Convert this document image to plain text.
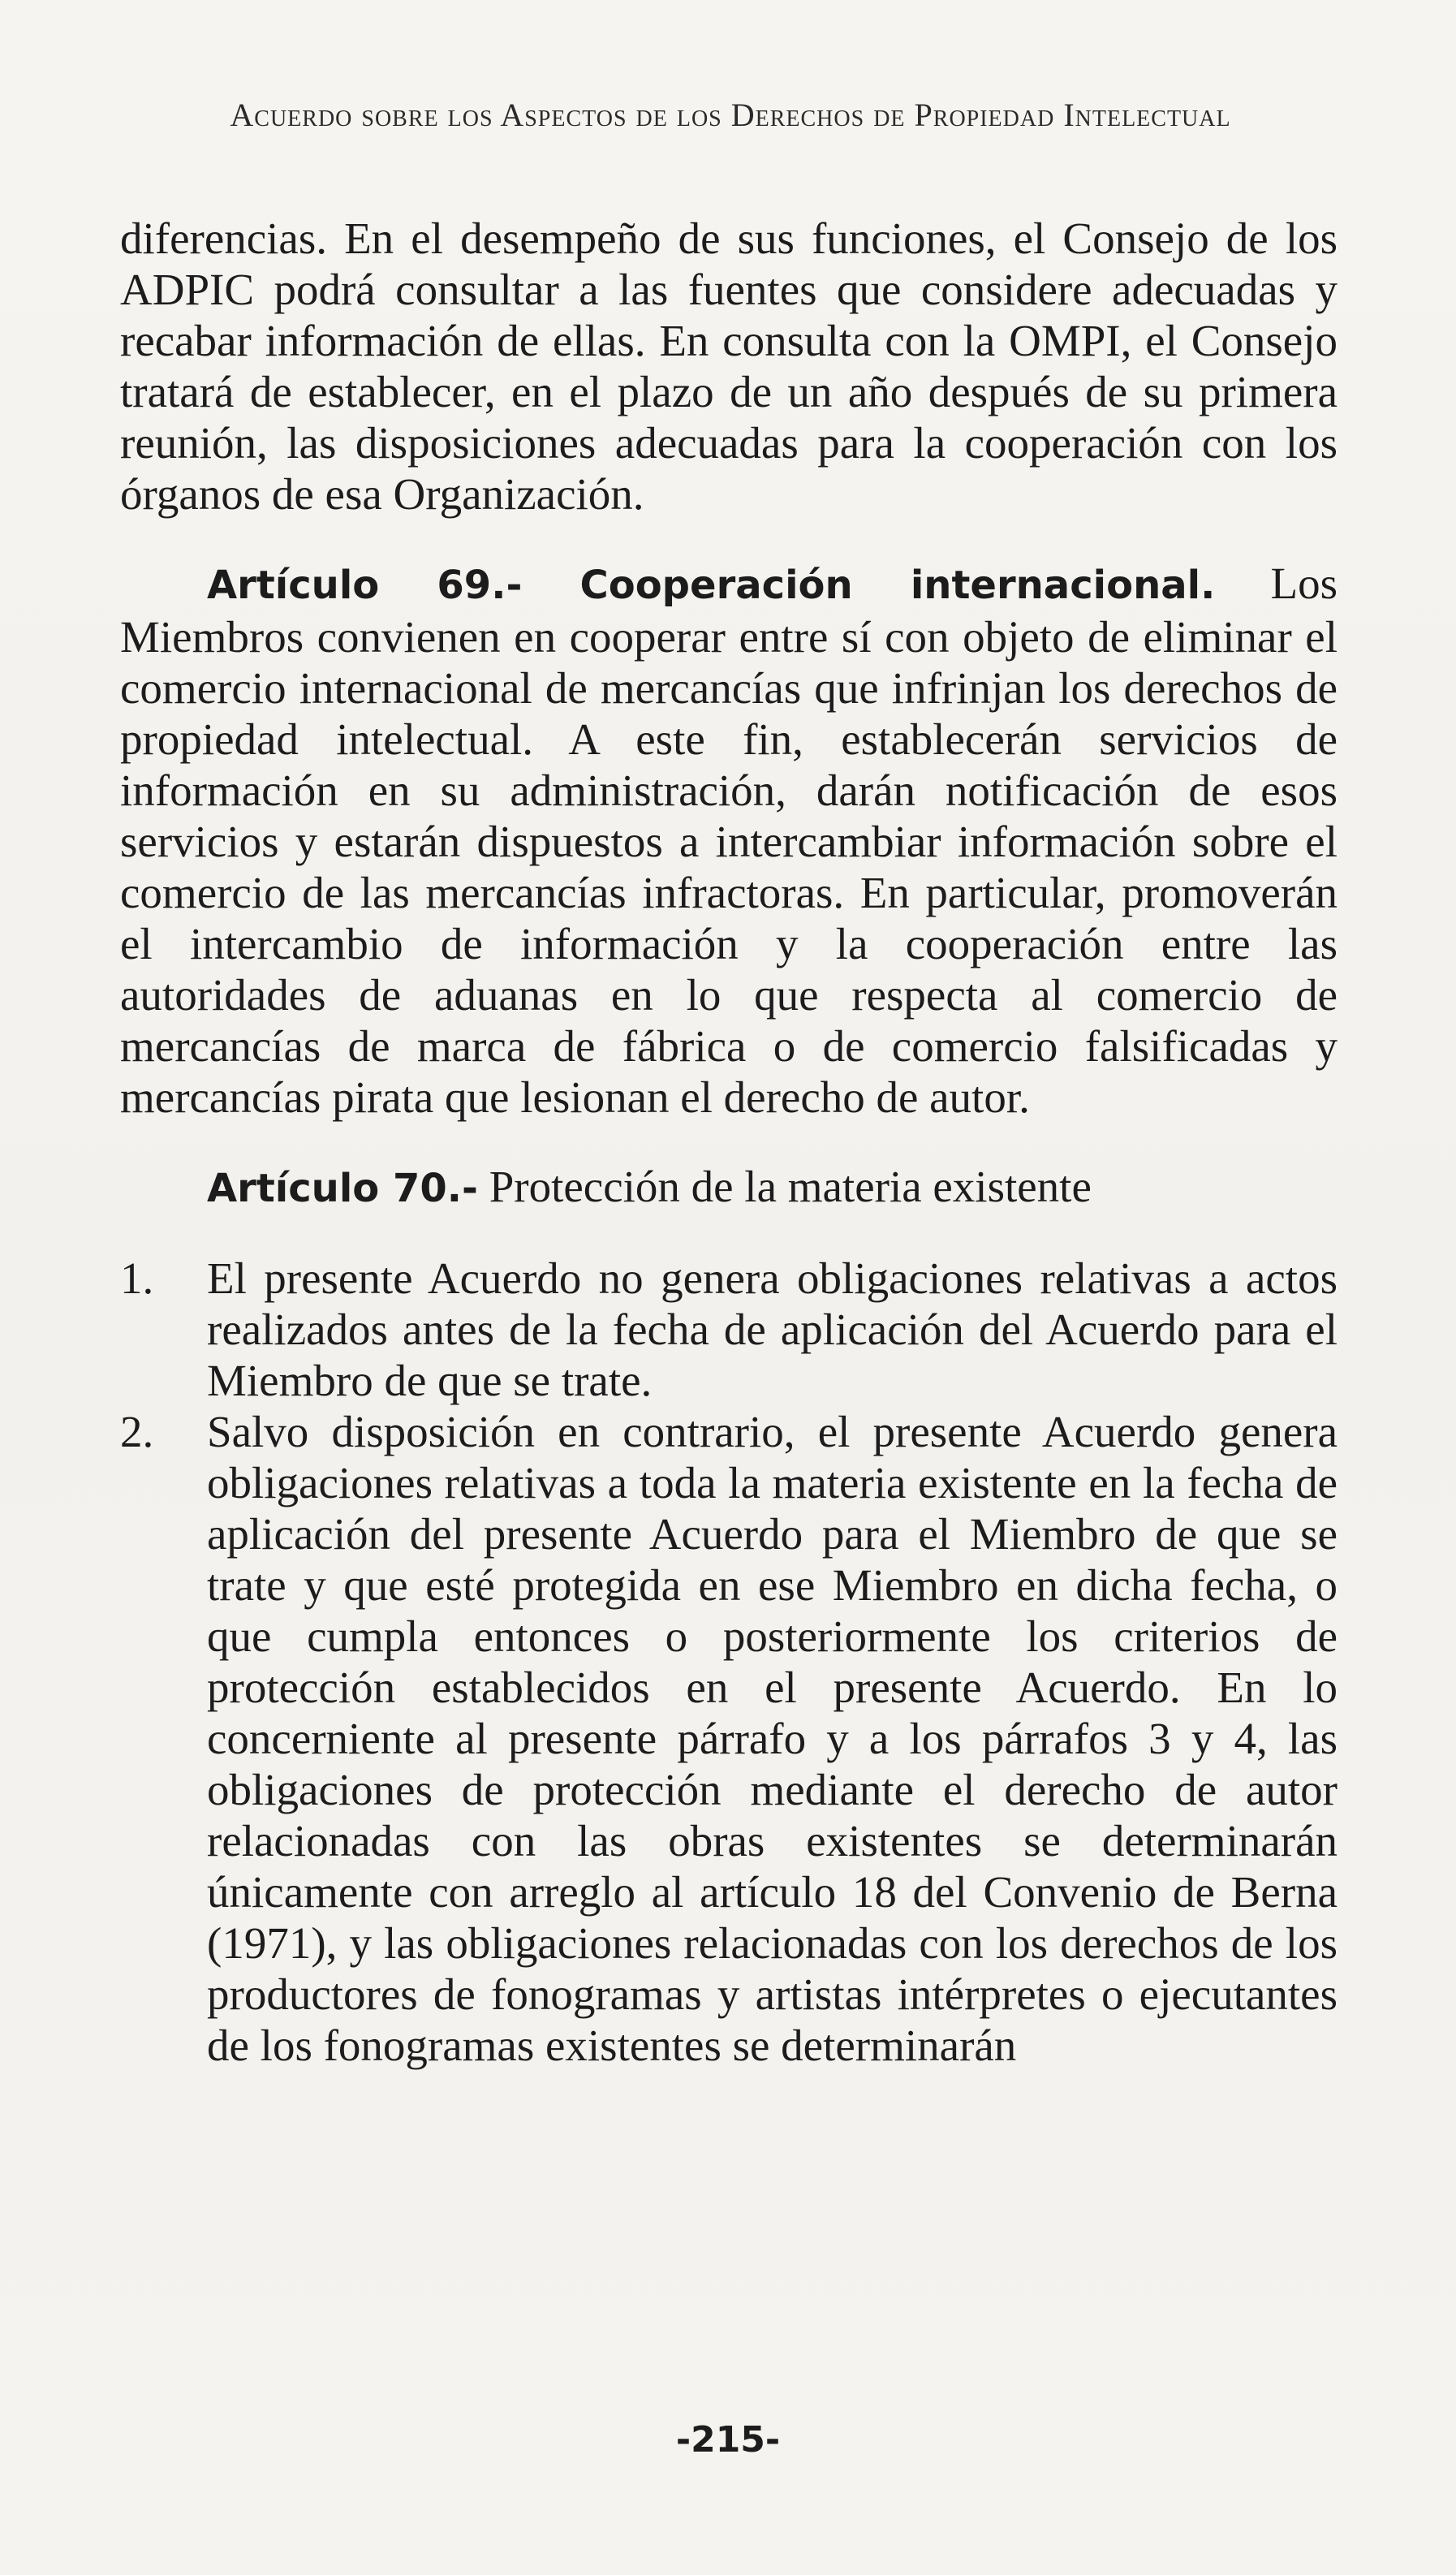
Acuerdo sobre los Aspectos de los Derechos de Propiedad Intelectual

diferencias. En el desempeño de sus funciones, el Consejo de los ADPIC podrá consultar a las fuentes que considere adecuadas y recabar información de ellas. En consulta con la OMPI, el Consejo tratará de establecer, en el plazo de un año después de su primera reunión, las disposiciones adecuadas para la cooperación con los órganos de esa Organización.

Artículo 69.- Cooperación internacional. Los Miembros convienen en cooperar entre sí con objeto de eliminar el comercio internacional de mercancías que infrinjan los derechos de propiedad intelectual. A este fin, establecerán servicios de información en su administración, darán notificación de esos servicios y estarán dispuestos a intercambiar información sobre el comercio de las mercancías infractoras. En particular, promoverán el intercambio de información y la cooperación entre las autoridades de aduanas en lo que respecta al comercio de mercancías de marca de fábrica o de comercio falsificadas y mercancías pirata que lesionan el derecho de autor.

Artículo 70.- Protección de la materia existente

1. El presente Acuerdo no genera obligaciones relativas a actos realizados antes de la fecha de aplicación del Acuerdo para el Miembro de que se trate.
2. Salvo disposición en contrario, el presente Acuerdo genera obligaciones relativas a toda la materia existente en la fecha de aplicación del presente Acuerdo para el Miembro de que se trate y que esté protegida en ese Miembro en dicha fecha, o que cumpla entonces o posteriormente los criterios de protección establecidos en el presente Acuerdo. En lo concerniente al presente párrafo y a los párrafos 3 y 4, las obligaciones de protección mediante el derecho de autor relacionadas con las obras existentes se determinarán únicamente con arreglo al artículo 18 del Convenio de Berna (1971), y las obligaciones relacionadas con los derechos de los productores de fonogramas y artistas intérpretes o ejecutantes de los fonogramas existentes se determinarán
-215-
